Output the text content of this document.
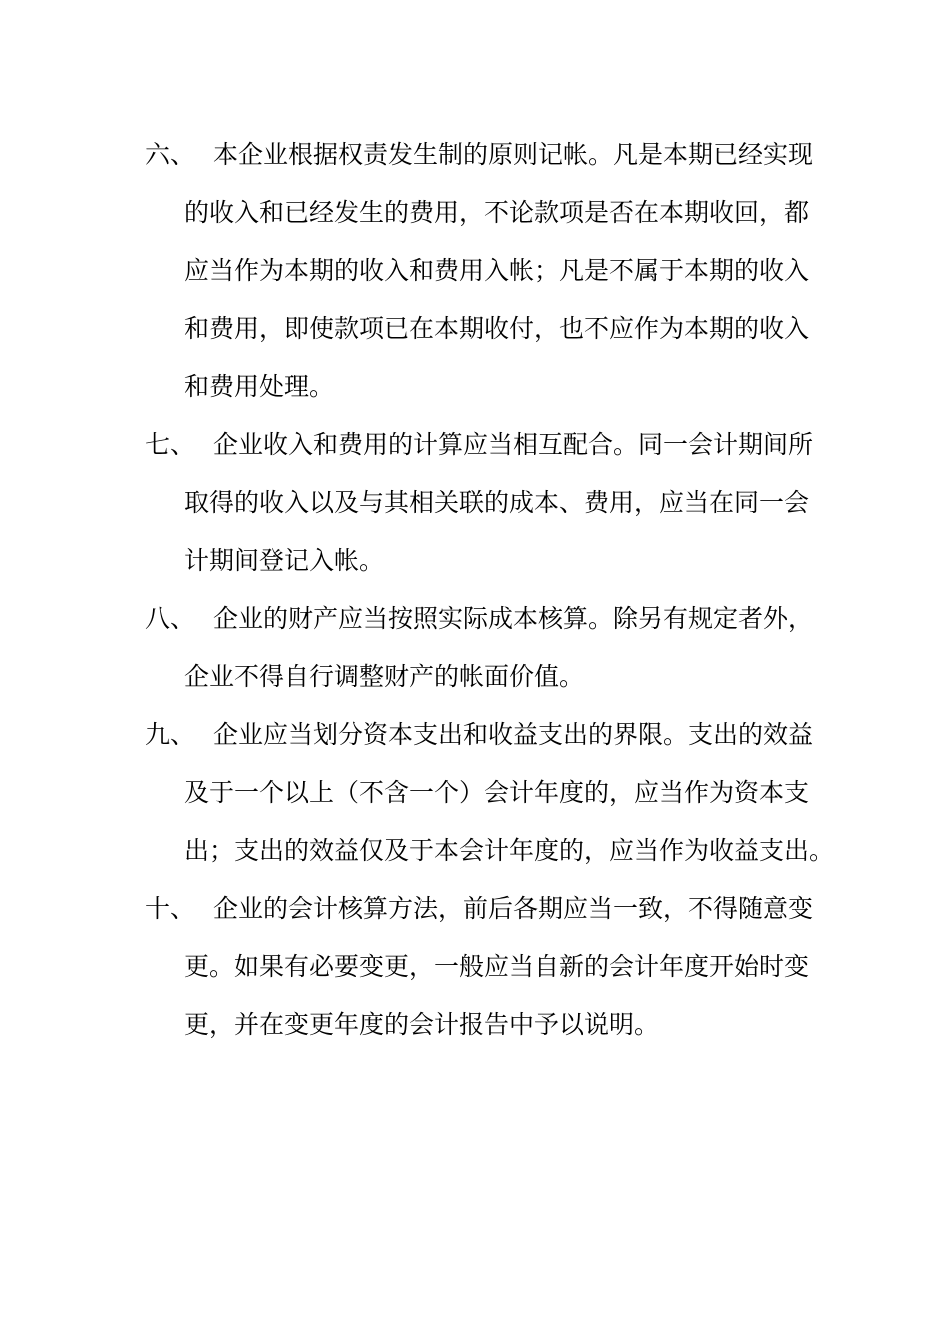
六、 本企业根据权责发生制的原则记帐。凡是本期已经实现
的收入和已经发生的费用，不论款项是否在本期收回，都
应当作为本期的收入和费用入帐；凡是不属于本期的收入
和费用，即使款项已在本期收付，也不应作为本期的收入
和费用处理。
七、 企业收入和费用的计算应当相互配合。同一会计期间所
取得的收入以及与其相关联的成本、费用，应当在同一会
计期间登记入帐。
八、 企业的财产应当按照实际成本核算。除另有规定者外，
企业不得自行调整财产的帐面价值。
九、 企业应当划分资本支出和收益支出的界限。支出的效益
及于一个以上（不含一个）会计年度的，应当作为资本支
出；支出的效益仅及于本会计年度的，应当作为收益支出。
十、 企业的会计核算方法，前后各期应当一致，不得随意变
更。如果有必要变更，一般应当自新的会计年度开始时变
更，并在变更年度的会计报告中予以说明。
